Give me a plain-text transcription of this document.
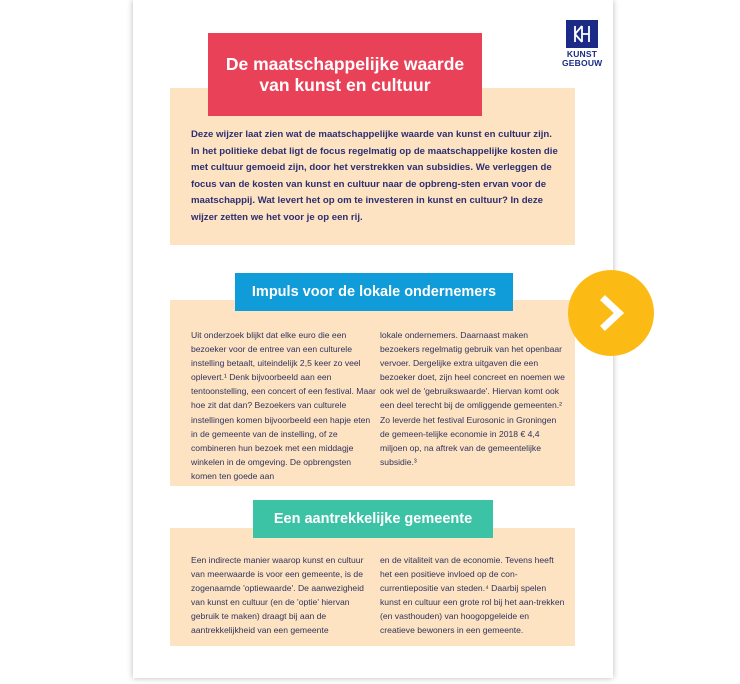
KUNST
GEBOUW
De maatschappelijke waarde van kunst en cultuur

Deze wijzer laat zien wat de maatschappelijke waarde van kunst en cultuur zijn. In het politieke debat ligt de focus regelmatig op de maatschappelijke kosten die met cultuur gemoeid zijn, door het verstrekken van subsidies. We verleggen de focus van de kosten van kunst en cultuur naar de opbreng-sten ervan voor de maatschappij. Wat levert het op om te investeren in kunst en cultuur? In deze wijzer zetten we het voor je op een rij.

Impuls voor de lokale ondernemers

Uit onderzoek blijkt dat elke euro die een bezoeker voor de entree van een culturele instelling betaalt, uiteindelijk 2,5 keer zo veel oplevert.¹ Denk bijvoorbeeld aan een tentoonstelling, een concert of een festival. Maar hoe zit dat dan? Bezoekers van culturele instellingen komen bijvoorbeeld een hapje eten in de gemeente van de instelling, of ze combineren hun bezoek met een middagje winkelen in de omgeving. De opbrengsten komen ten goede aan

lokale ondernemers. Daarnaast maken bezoekers regelmatig gebruik van het openbaar vervoer. Dergelijke extra uitgaven die een bezoeker doet, zijn heel concreet en noemen we ook wel de 'gebruikswaarde'. Hiervan komt ook een deel terecht bij de omliggende gemeenten.² Zo leverde het festival Eurosonic in Groningen de gemeen-telijke economie in 2018 € 4,4 miljoen op, na aftrek van de gemeentelijke subsidie.³

Een aantrekkelijke gemeente

Een indirecte manier waarop kunst en cultuur van meerwaarde is voor een gemeente, is de zogenaamde 'optiewaarde'. De aanwezigheid van kunst en cultuur (en de 'optie' hiervan gebruik te maken) draagt bij aan de aantrekkelijkheid van een gemeente

en de vitaliteit van de economie. Tevens heeft het een positieve invloed op de con-currentiepositie van steden.⁴ Daarbij spelen kunst en cultuur een grote rol bij het aan-trekken (en vasthouden) van hoogopgeleide en creatieve bewoners in een gemeente.
